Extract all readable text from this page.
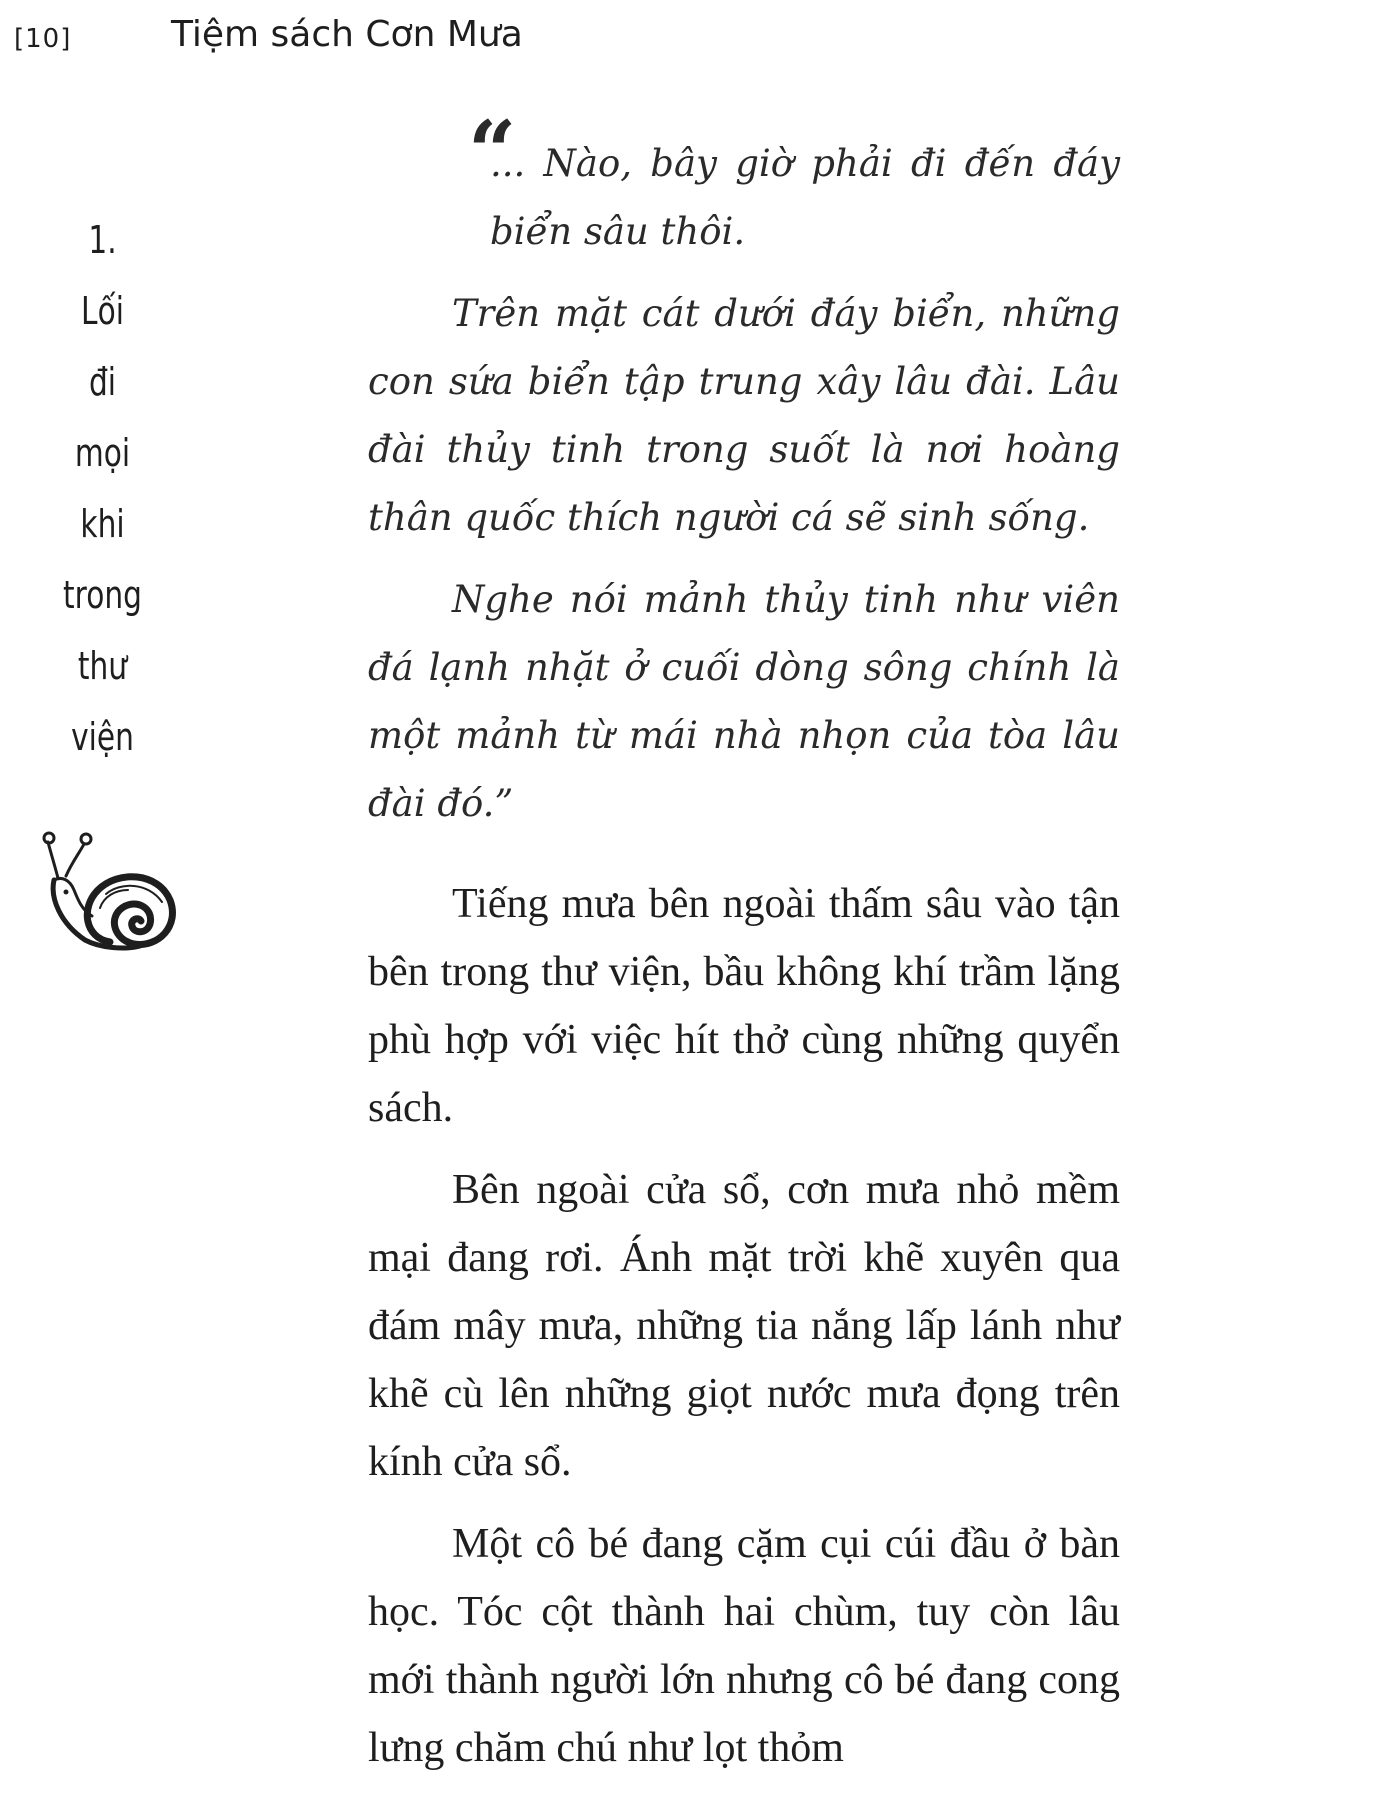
[10]	Tiệm sách Cơn Mưa
1.
Lối
đi
mọi
khi
trong
thư
viện

“
... Nào, bây giờ phải đi đến đáy biển sâu thôi.

Trên mặt cát dưới đáy biển, những con sứa biển tập trung xây lâu đài. Lâu đài thủy tinh trong suốt là nơi hoàng thân quốc thích người cá sẽ sinh sống.

Nghe nói mảnh thủy tinh như viên đá lạnh nhặt ở cuối dòng sông chính là một mảnh từ mái nhà nhọn của tòa lâu đài đó.”

Tiếng mưa bên ngoài thấm sâu vào tận bên trong thư viện, bầu không khí trầm lặng phù hợp với việc hít thở cùng những quyển sách.

Bên ngoài cửa sổ, cơn mưa nhỏ mềm mại đang rơi. Ánh mặt trời khẽ xuyên qua đám mây mưa, những tia nắng lấp lánh như khẽ cù lên những giọt nước mưa đọng trên kính cửa sổ.

Một cô bé đang cặm cụi cúi đầu ở bàn học. Tóc cột thành hai chùm, tuy còn lâu mới thành người lớn nhưng cô bé đang cong lưng chăm chú như lọt thỏm
